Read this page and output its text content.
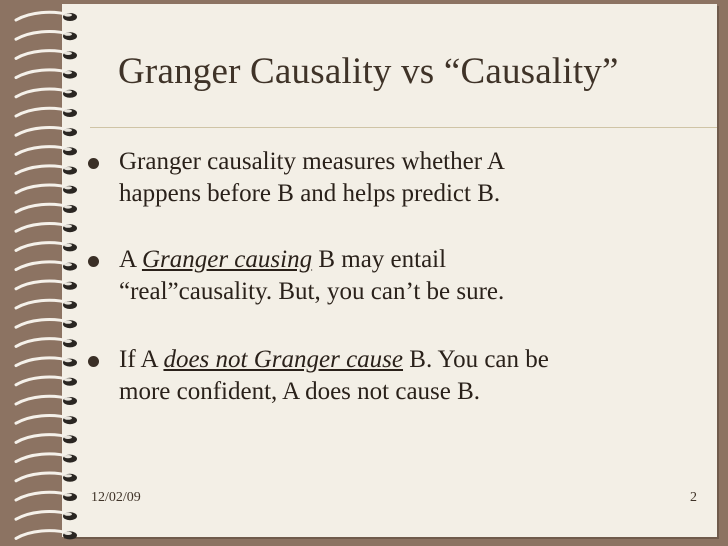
Granger Causality vs “Causality”
Granger causality measures whether A
happens before B and helps predict B.
A Granger causing B may entail
“real”causality. But, you can’t be sure.
If A does not Granger cause B. You can be
more confident, A does not cause B.
12/02/09	2
